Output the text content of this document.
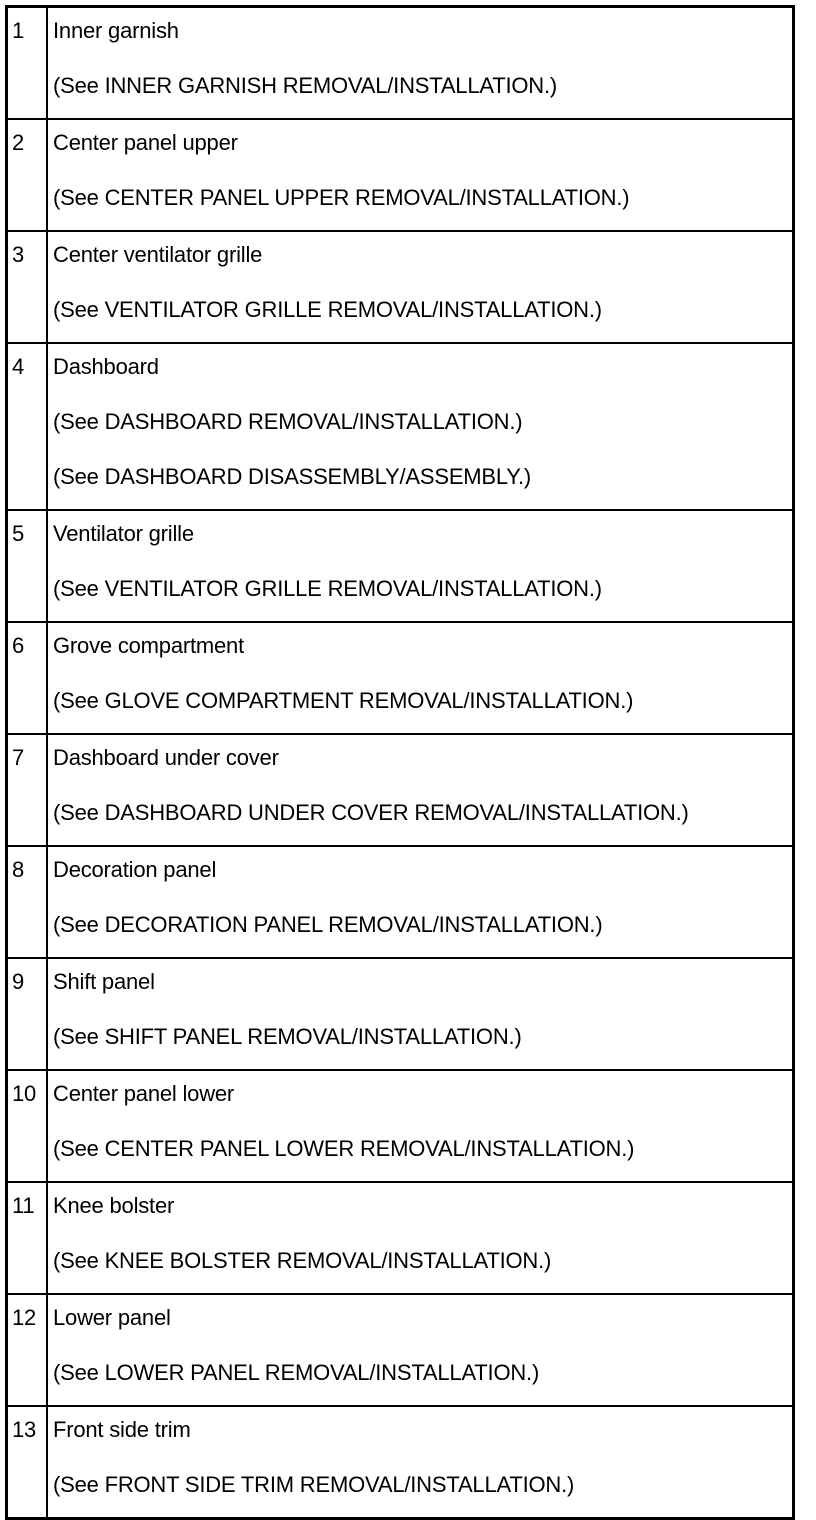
1	Inner garnish
(See INNER GARNISH REMOVAL/INSTALLATION.)

2	Center panel upper
(See CENTER PANEL UPPER REMOVAL/INSTALLATION.)

3	Center ventilator grille
(See VENTILATOR GRILLE REMOVAL/INSTALLATION.)

4	Dashboard
(See DASHBOARD REMOVAL/INSTALLATION.)
(See DASHBOARD DISASSEMBLY/ASSEMBLY.)

5	Ventilator grille
(See VENTILATOR GRILLE REMOVAL/INSTALLATION.)

6	Grove compartment
(See GLOVE COMPARTMENT REMOVAL/INSTALLATION.)

7	Dashboard under cover
(See DASHBOARD UNDER COVER REMOVAL/INSTALLATION.)

8	Decoration panel
(See DECORATION PANEL REMOVAL/INSTALLATION.)

9	Shift panel
(See SHIFT PANEL REMOVAL/INSTALLATION.)

10	Center panel lower
(See CENTER PANEL LOWER REMOVAL/INSTALLATION.)

11	Knee bolster
(See KNEE BOLSTER REMOVAL/INSTALLATION.)

12	Lower panel
(See LOWER PANEL REMOVAL/INSTALLATION.)

13	Front side trim
(See FRONT SIDE TRIM REMOVAL/INSTALLATION.)
